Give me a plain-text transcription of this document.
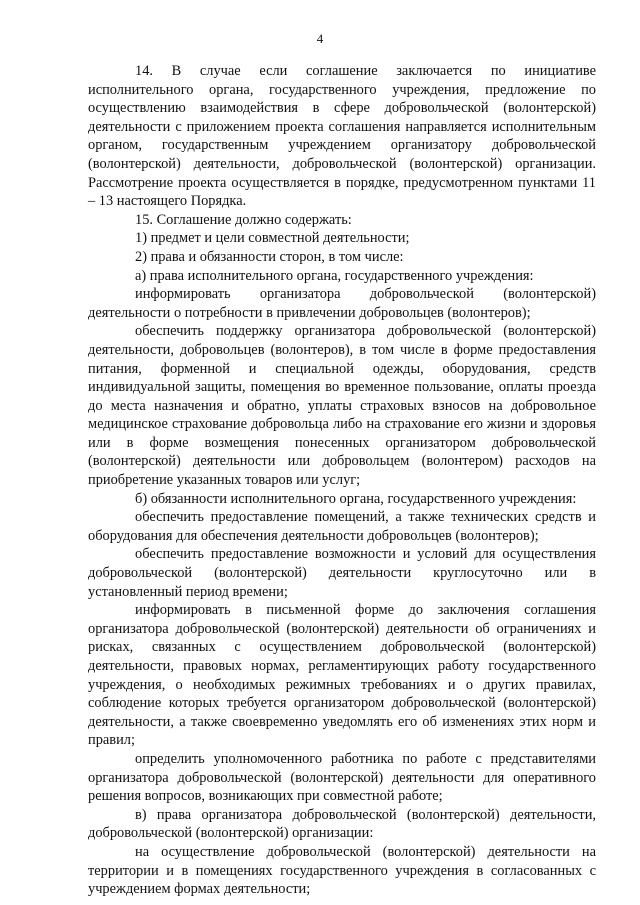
4

14. В случае если соглашение заключается по инициативе исполнительного органа, государственного учреждения, предложение по осуществлению взаимодействия в сфере добровольческой (волонтерской) деятельности с приложением проекта соглашения направляется исполнительным органом, государственным учреждением организатору добровольческой (волонтерской) деятельности, добровольческой (волонтерской) организации. Рассмотрение проекта осуществляется в порядке, предусмотренном пунктами 11 – 13 настоящего Порядка.

15. Соглашение должно содержать:

1) предмет и цели совместной деятельности;

2) права и обязанности сторон, в том числе:

а) права исполнительного органа, государственного учреждения:

информировать организатора добровольческой (волонтерской) деятельности о потребности в привлечении добровольцев (волонтеров);

обеспечить поддержку организатора добровольческой (волонтерской) деятельности, добровольцев (волонтеров), в том числе в форме предоставления питания, форменной и специальной одежды, оборудования, средств индивидуальной защиты, помещения во временное пользование, оплаты проезда до места назначения и обратно, уплаты страховых взносов на добровольное медицинское страхование добровольца либо на страхование его жизни и здоровья или в форме возмещения понесенных организатором добровольческой (волонтерской) деятельности или добровольцем (волонтером) расходов на приобретение указанных товаров или услуг;

б) обязанности исполнительного органа, государственного учреждения:

обеспечить предоставление помещений, а также технических средств и оборудования для обеспечения деятельности добровольцев (волонтеров);

обеспечить предоставление возможности и условий для осуществления добровольческой (волонтерской) деятельности круглосуточно или в установленный период времени;

информировать в письменной форме до заключения соглашения организатора добровольческой (волонтерской) деятельности об ограничениях и рисках, связанных с осуществлением добровольческой (волонтерской) деятельности, правовых нормах, регламентирующих работу государственного учреждения, о необходимых режимных требованиях и о других правилах, соблюдение которых требуется организатором добровольческой (волонтерской) деятельности, а также своевременно уведомлять его об изменениях этих норм и правил;

определить уполномоченного работника по работе с представителями организатора добровольческой (волонтерской) деятельности для оперативного решения вопросов, возникающих при совместной работе;

в) права организатора добровольческой (волонтерской) деятельности, добровольческой (волонтерской) организации:

на осуществление добровольческой (волонтерской) деятельности на территории и в помещениях государственного учреждения в согласованных с учреждением формах деятельности;
